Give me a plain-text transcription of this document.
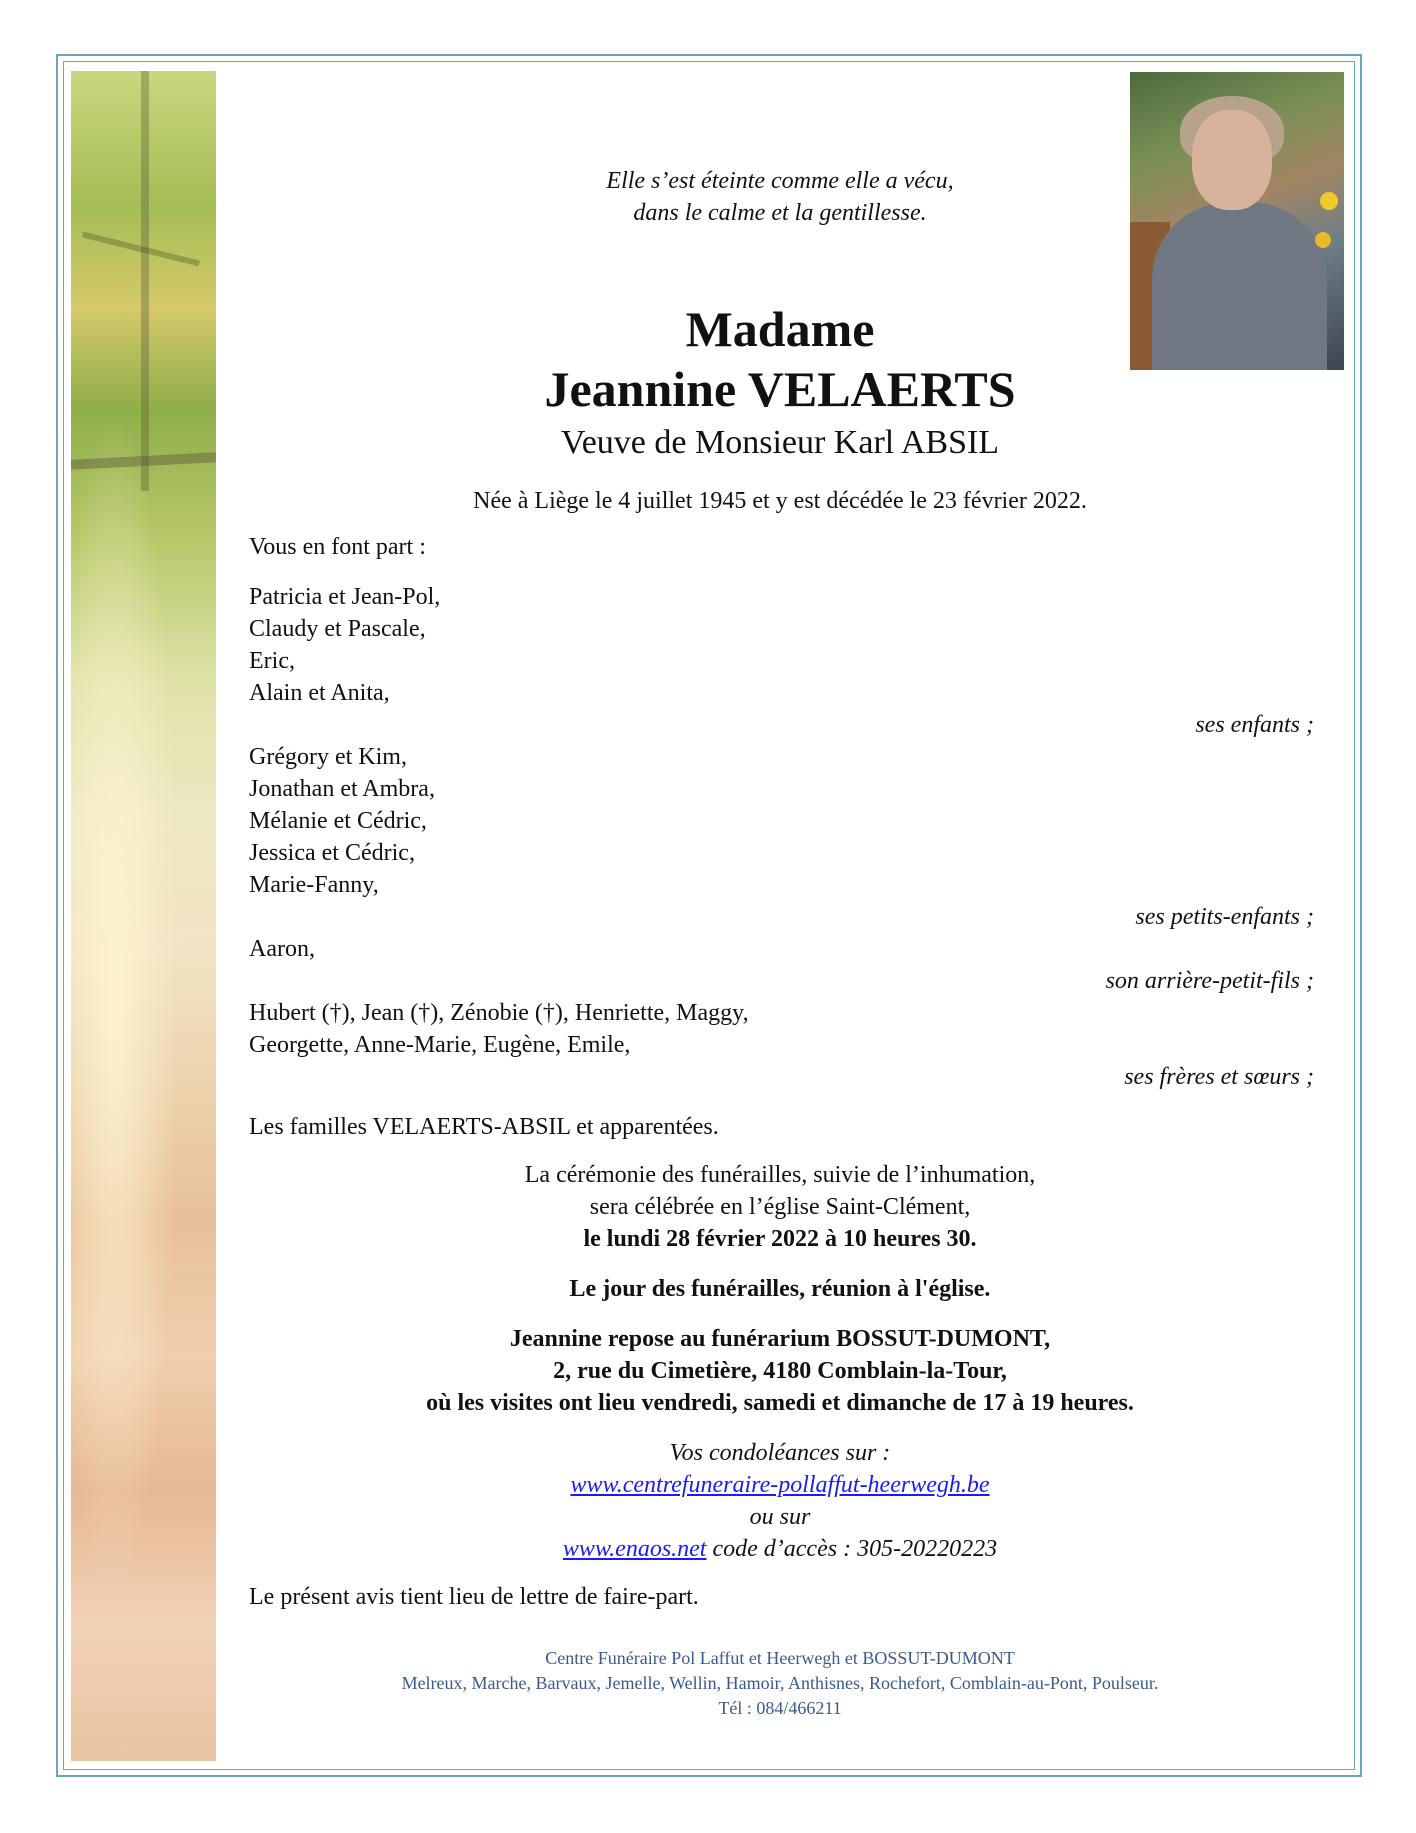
Elle s’est éteinte comme elle a vécu,
dans le calme et la gentillesse.
Madame
Jeannine VELAERTS
Veuve de Monsieur Karl ABSIL
Née à Liège le 4 juillet 1945 et y est décédée le 23 février 2022.
Vous en font part :
Patricia et Jean-Pol,
Claudy et Pascale,
Eric,
Alain et Anita,
ses enfants ;
Grégory et Kim,
Jonathan et Ambra,
Mélanie et Cédric,
Jessica et Cédric,
Marie-Fanny,
ses petits-enfants ;
Aaron,
son arrière-petit-fils ;
Hubert (†), Jean (†), Zénobie (†), Henriette, Maggy,
Georgette, Anne-Marie, Eugène, Emile,
ses frères et sœurs ;
Les familles VELAERTS-ABSIL et apparentées.
La cérémonie des funérailles, suivie de l’inhumation,
sera célébrée en l’église Saint-Clément,
le lundi 28 février 2022 à 10 heures 30.
Le jour des funérailles, réunion à l'église.
Jeannine repose au funérarium BOSSUT-DUMONT,
2, rue du Cimetière, 4180 Comblain-la-Tour,
où les visites ont lieu vendredi, samedi et dimanche de 17 à 19 heures.
Vos condoléances sur :
www.centrefuneraire-pollaffut-heerwegh.be
ou sur
www.enaos.net code d’accès : 305-20220223
Le présent avis tient lieu de lettre de faire-part.
Centre Funéraire Pol Laffut et Heerwegh et BOSSUT-DUMONT
Melreux, Marche, Barvaux, Jemelle, Wellin, Hamoir, Anthisnes, Rochefort, Comblain-au-Pont, Poulseur.
Tél : 084/466211
